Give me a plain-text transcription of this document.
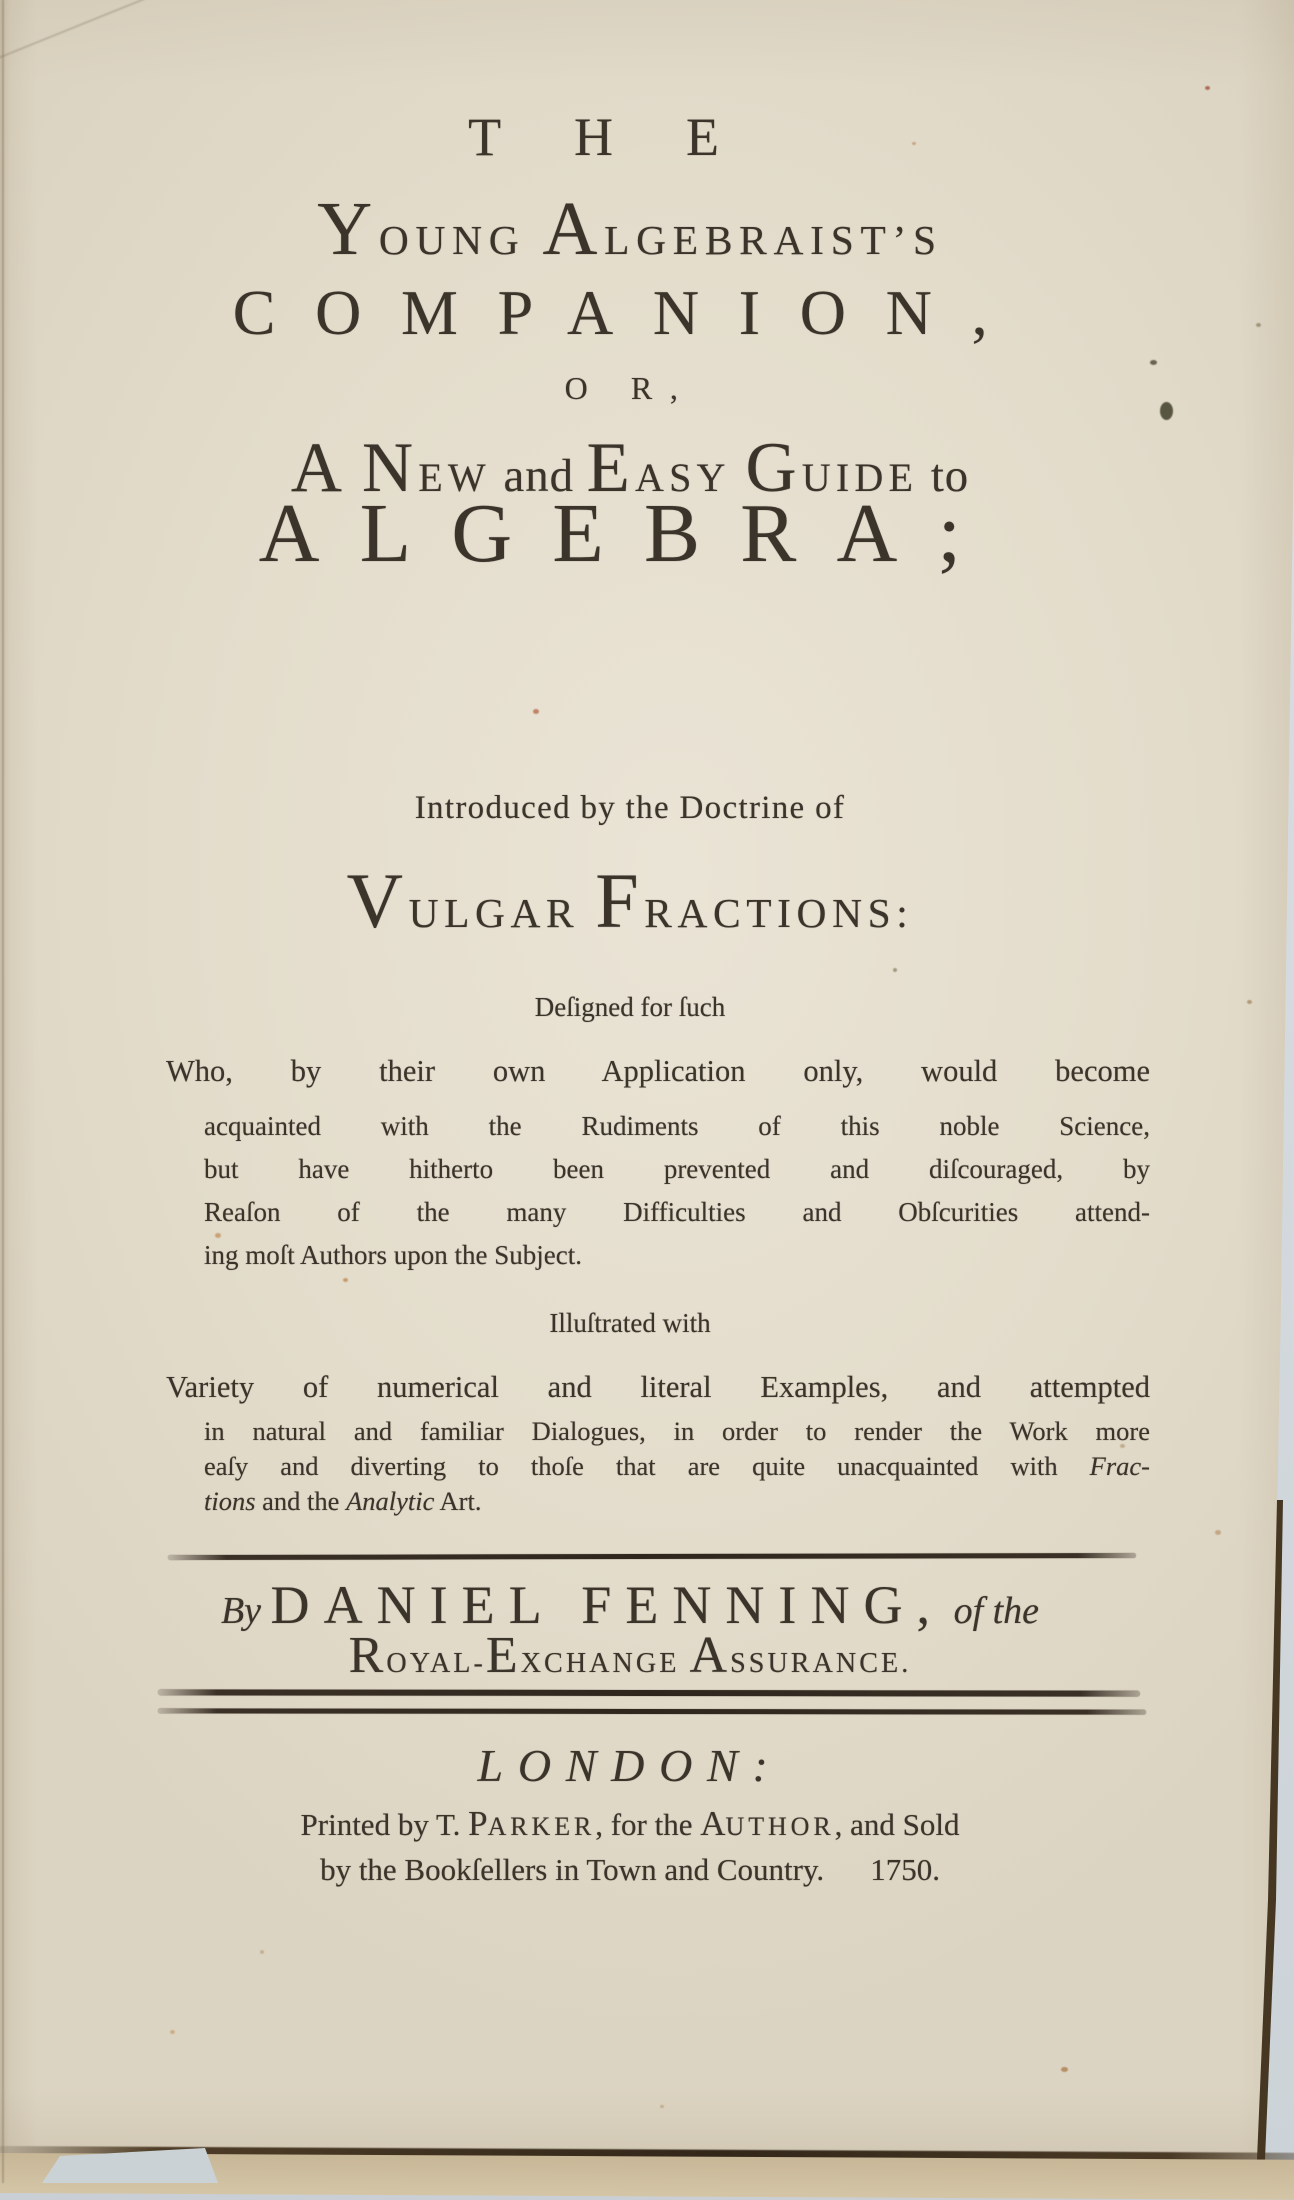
THE
YOUNG ALGEBRAIST’S
COMPANION,
O R,
A NEW and EASY GUIDE to
ALGEBRA;
Introduced by the Doctrine of
VULGAR FRACTIONS:
Deſigned for ſuch
Who, by their own Application only, would become
acquainted with the Rudiments of this noble Science,
but have hitherto been prevented and diſcouraged, by
Reaſon of the many Difficulties and Obſcurities attend-
ing moſt Authors upon the Subject.
Illuſtrated with
Variety of numerical and literal Examples, and attempted
in natural and familiar Dialogues, in order to render the Work more
eaſy and diverting to thoſe that are quite unacquainted with Frac-
tions and the Analytic Art.
By DANIEL FENNING, of the
ROYAL-EXCHANGE ASSURANCE.
LONDON:
Printed by T. PARKER, for the AUTHOR, and Sold
by the Bookſellers in Town and Country. 1750.
